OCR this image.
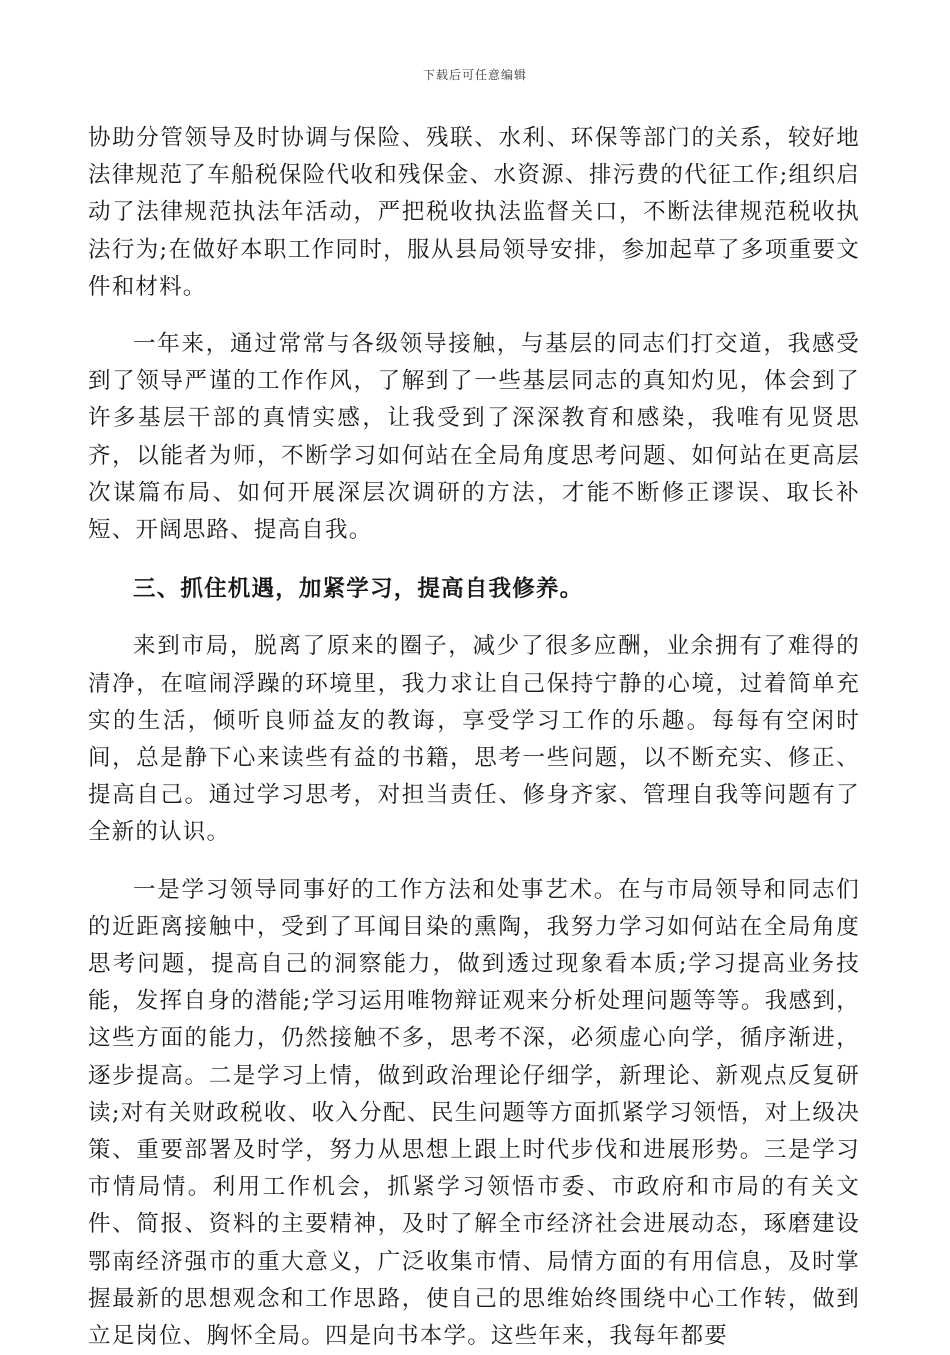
下载后可任意编辑

协助分管领导及时协调与保险、残联、水利、环保等部门的关系，较好地法律规范了车船税保险代收和残保金、水资源、排污费的代征工作;组织启动了法律规范执法年活动，严把税收执法监督关口，不断法律规范税收执法行为;在做好本职工作同时，服从县局领导安排，参加起草了多项重要文件和材料。

一年来，通过常常与各级领导接触，与基层的同志们打交道，我感受到了领导严谨的工作作风，了解到了一些基层同志的真知灼见，体会到了许多基层干部的真情实感，让我受到了深深教育和感染，我唯有见贤思齐，以能者为师，不断学习如何站在全局角度思考问题、如何站在更高层次谋篇布局、如何开展深层次调研的方法，才能不断修正谬误、取长补短、开阔思路、提高自我。

三、抓住机遇，加紧学习，提高自我修养。

来到市局，脱离了原来的圈子，减少了很多应酬，业余拥有了难得的清净，在喧闹浮躁的环境里，我力求让自己保持宁静的心境，过着简单充实的生活，倾听良师益友的教诲，享受学习工作的乐趣。每每有空闲时间，总是静下心来读些有益的书籍，思考一些问题，以不断充实、修正、提高自己。通过学习思考，对担当责任、修身齐家、管理自我等问题有了全新的认识。

一是学习领导同事好的工作方法和处事艺术。在与市局领导和同志们的近距离接触中，受到了耳闻目染的熏陶，我努力学习如何站在全局角度思考问题，提高自己的洞察能力，做到透过现象看本质;学习提高业务技能，发挥自身的潜能;学习运用唯物辩证观来分析处理问题等等。我感到，这些方面的能力，仍然接触不多，思考不深，必须虚心向学，循序渐进，逐步提高。二是学习上情，做到政治理论仔细学，新理论、新观点反复研读;对有关财政税收、收入分配、民生问题等方面抓紧学习领悟，对上级决策、重要部署及时学，努力从思想上跟上时代步伐和进展形势。三是学习市情局情。利用工作机会，抓紧学习领悟市委、市政府和市局的有关文件、简报、资料的主要精神，及时了解全市经济社会进展动态，琢磨建设鄂南经济强市的重大意义，广泛收集市情、局情方面的有用信息，及时掌握最新的思想观念和工作思路，使自己的思维始终围绕中心工作转，做到立足岗位、胸怀全局。四是向书本学。这些年来，我每年都要
